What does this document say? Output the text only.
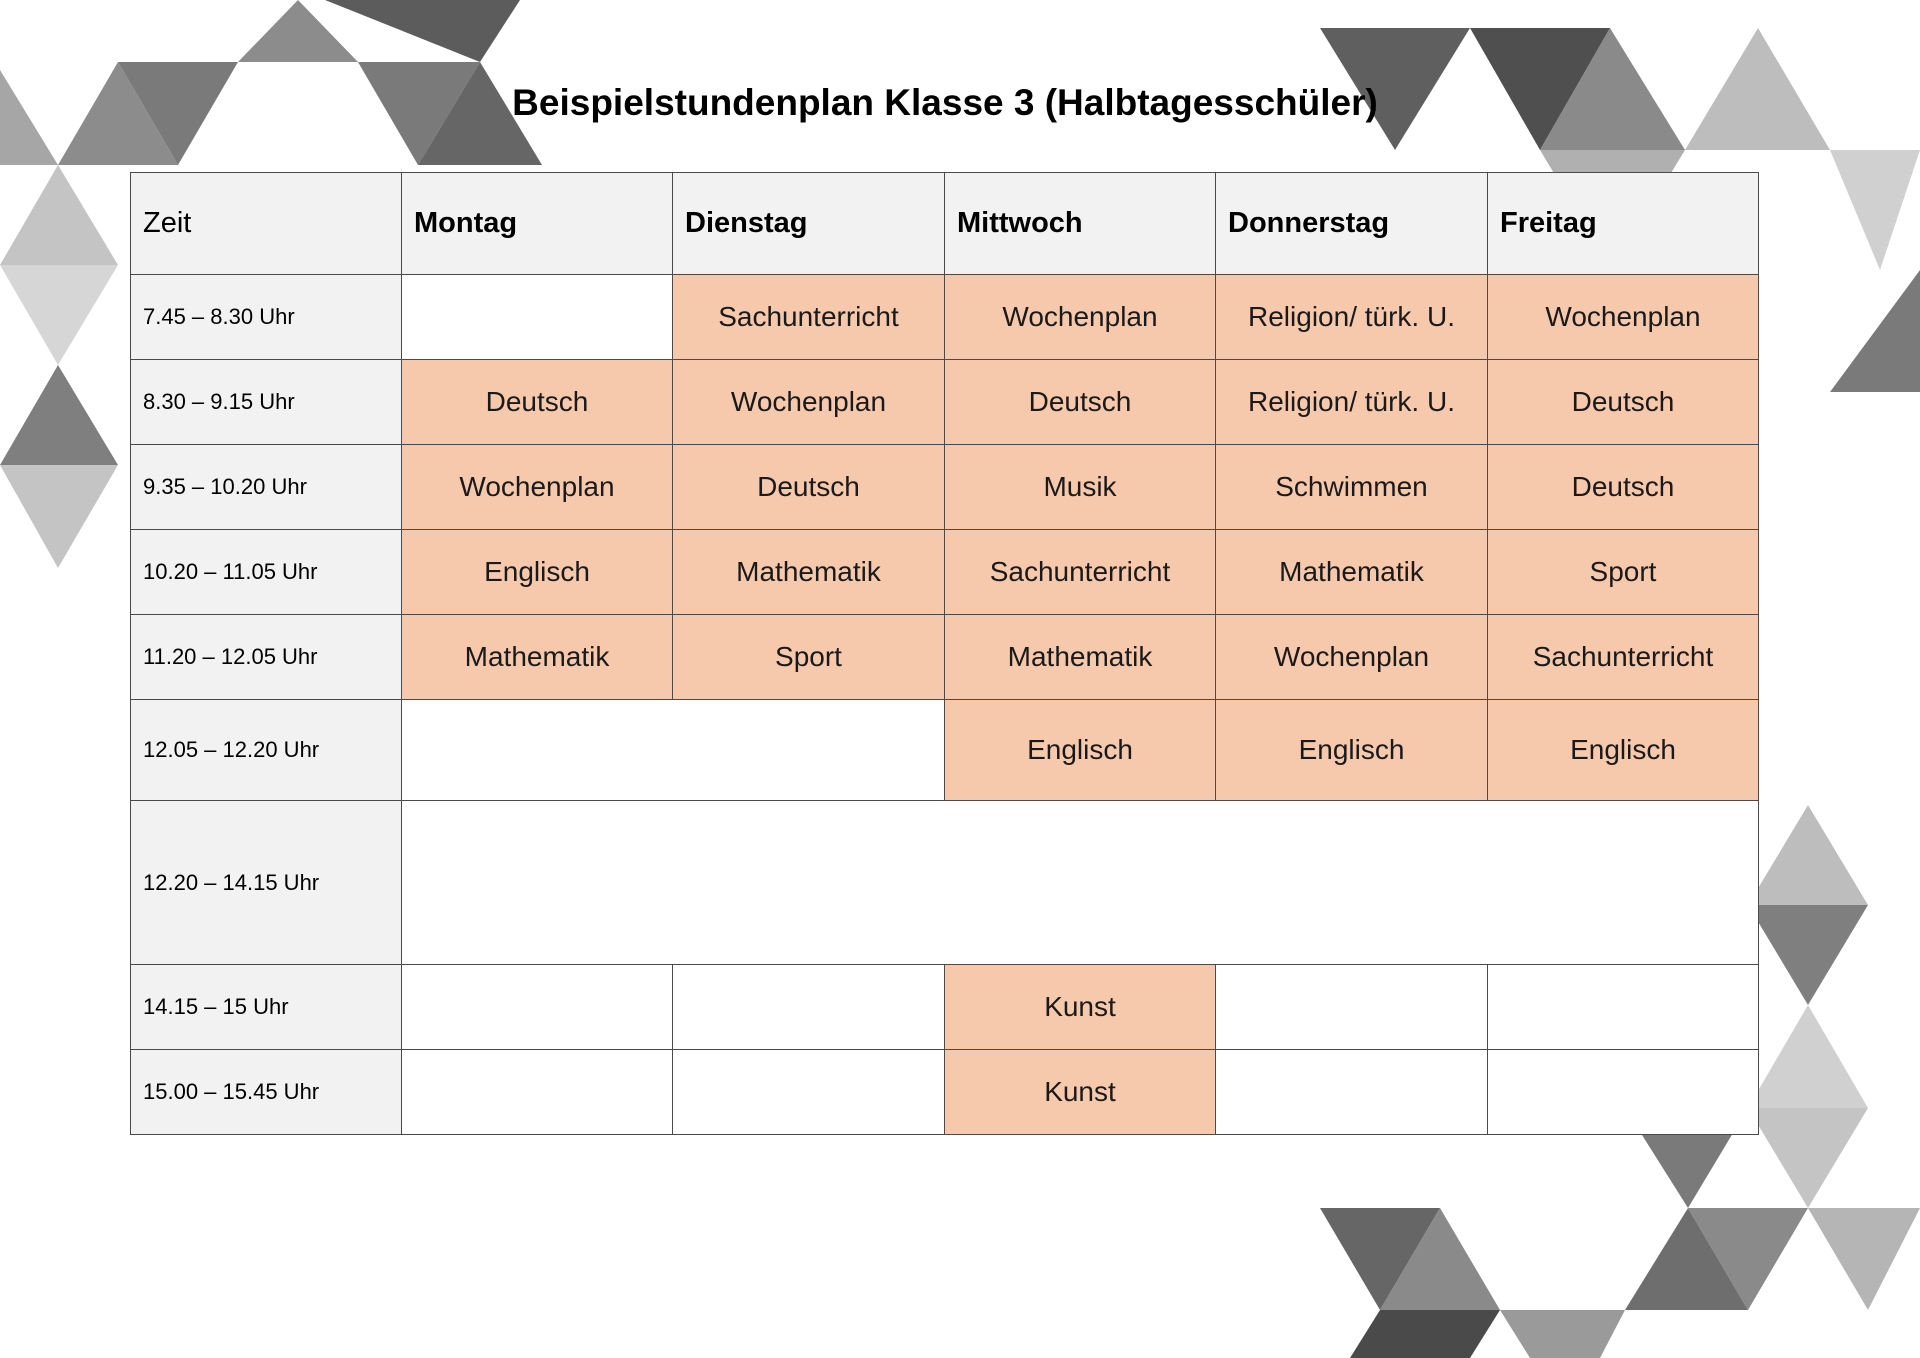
Beispielstundenplan Klasse 3 (Halbtagesschüler)
Zeit	Montag	Dienstag	Mittwoch	Donnerstag	Freitag
7.45 – 8.30 Uhr		Sachunterricht	Wochenplan	Religion/ türk. U.	Wochenplan
8.30 – 9.15 Uhr	Deutsch	Wochenplan	Deutsch	Religion/ türk. U.	Deutsch
9.35 – 10.20 Uhr	Wochenplan	Deutsch	Musik	Schwimmen	Deutsch
10.20 – 11.05 Uhr	Englisch	Mathematik	Sachunterricht	Mathematik	Sport
11.20 – 12.05 Uhr	Mathematik	Sport	Mathematik	Wochenplan	Sachunterricht
12.05 – 12.20 Uhr			Englisch	Englisch	Englisch
12.20 – 14.15 Uhr					
14.15 – 15 Uhr			Kunst		
15.00 – 15.45 Uhr			Kunst		
